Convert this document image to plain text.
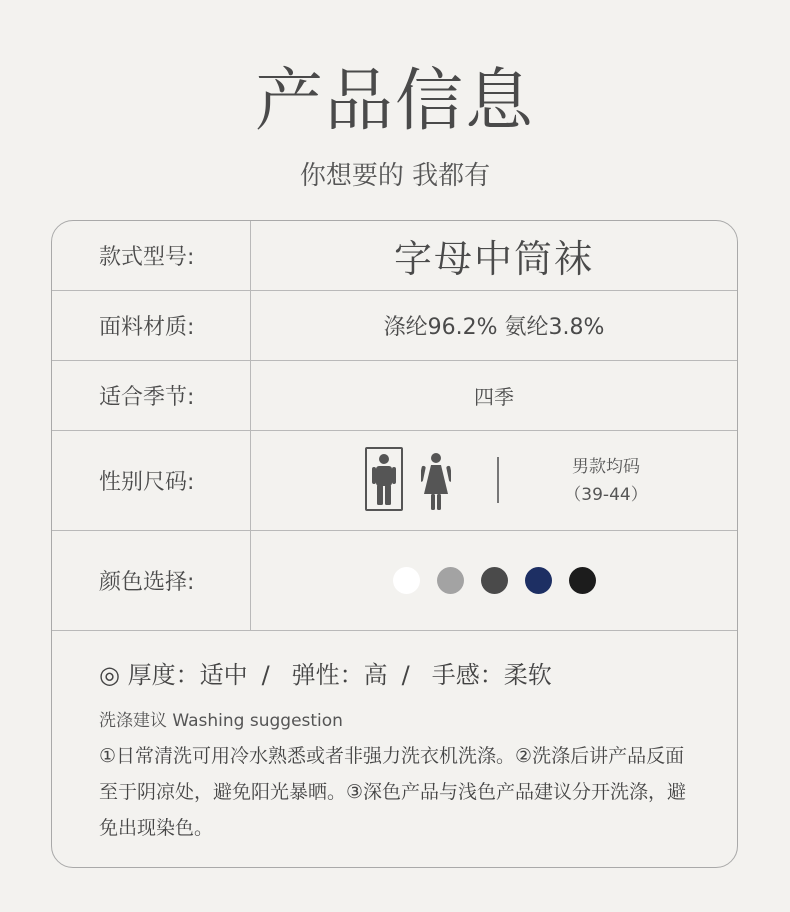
产品信息
你想要的 我都有
款式型号:	字母中筒袜
面料材质:	涤纶96.2% 氨纶3.8%
适合季节:	四季
性别尺码:
男款均码
（39-44）
颜色选择:
◎ 厚度：适中 / 弹性：高 / 手感：柔软
洗涤建议 Washing suggestion
①日常清洗可用冷水熟悉或者非强力洗衣机洗涤。②洗涤后讲产品反面至于阴凉处，避免阳光暴晒。③深色产品与浅色产品建议分开洗涤，避免出现染色。
